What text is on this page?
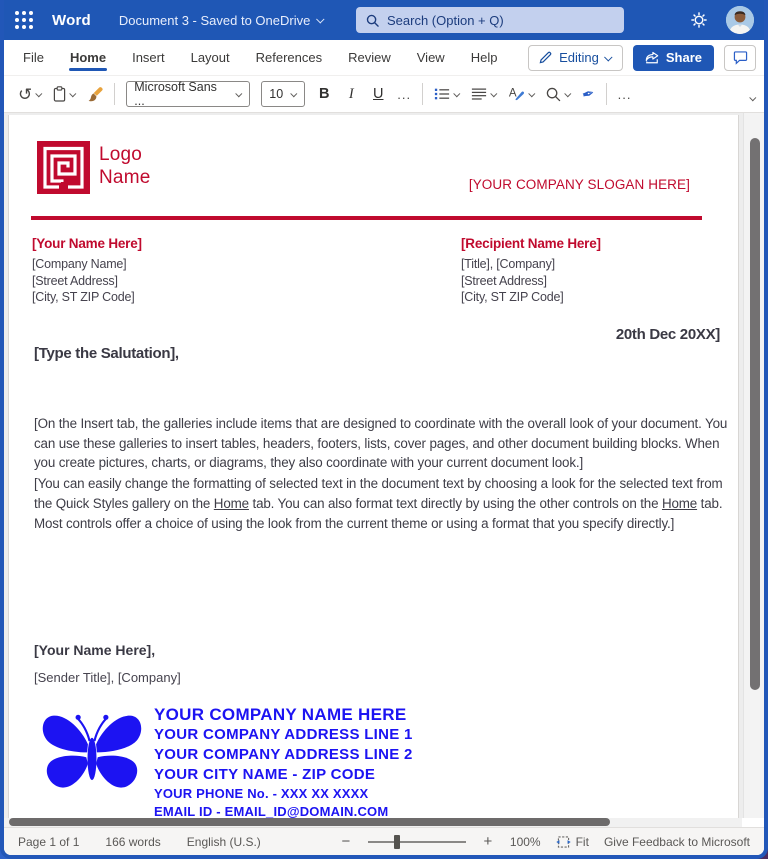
Word Document 3 - Saved to OneDrive	Search (Option + Q)
File	Home	Insert	Layout	References	Review	View	Help	Editing	Share
↺	Microsoft Sans ...	10 B	I	U ...	A	✒ ...
Logo
Name	[YOUR COMPANY SLOGAN HERE]
[Your Name Here]
[Company Name]
[Street Address]
[City, ST ZIP Code]
[Recipient Name Here]
[Title], [Company]
[Street Address]
[City, ST ZIP Code]
20th Dec 20XX]
[Type the Salutation],

[On the Insert tab, the galleries include items that are designed to coordinate with the overall look of your document. You can use these galleries to insert tables, headers, footers, lists, cover pages, and other document building blocks. When you create pictures, charts, or diagrams, they also coordinate with your current document look.]

[You can easily change the formatting of selected text in the document text by choosing a look for the selected text from the Quick Styles gallery on the Home tab. You can also format text directly by using the other controls on the Home tab. Most controls offer a choice of using the look from the current theme or using a format that you specify directly.]

[Your Name Here],
[Sender Title], [Company]
YOUR COMPANY NAME HERE
YOUR COMPANY ADDRESS LINE 1
YOUR COMPANY ADDRESS LINE 2
YOUR CITY NAME - ZIP CODE
YOUR PHONE No. - XXX XX XXXX
EMAIL ID - EMAIL_ID@DOMAIN.COM
Page 1 of 1 166 words English (U.S.)	−	+ 100%	Fit Give Feedback to Microsoft
